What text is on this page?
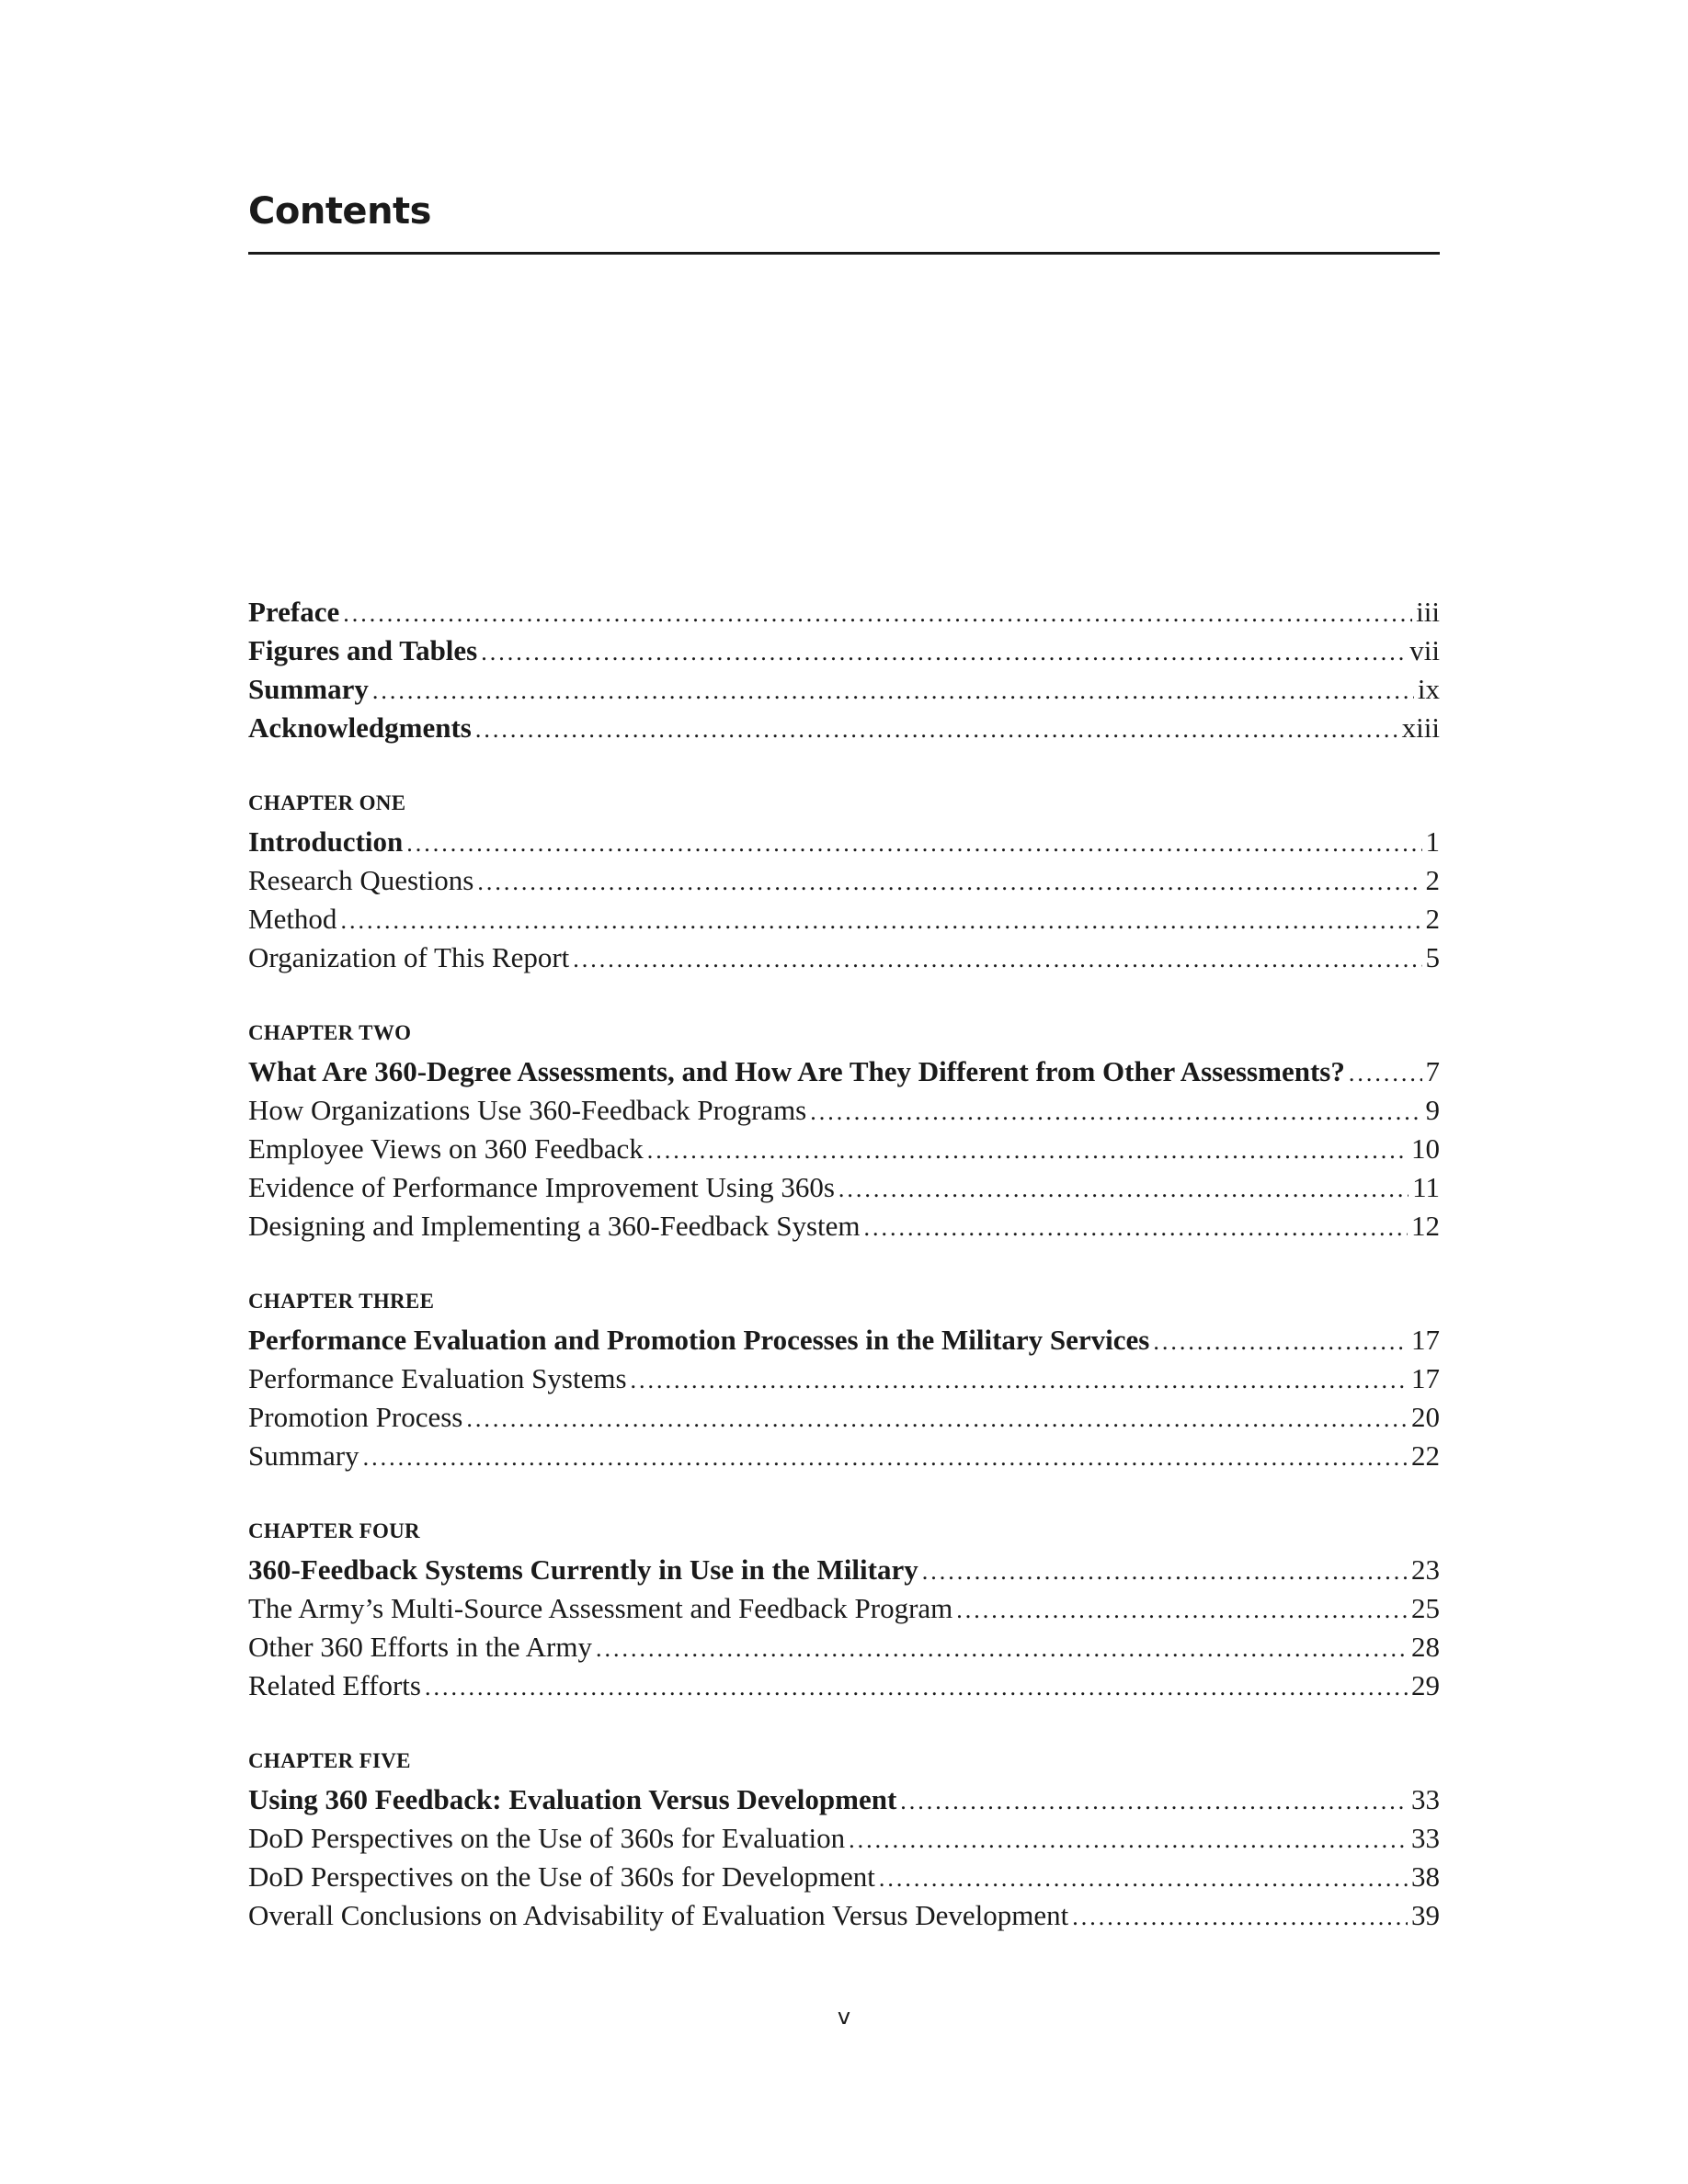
Contents
Preface .....	iii
Figures and Tables .....	vii
Summary .....	ix
Acknowledgments .....	xiii
CHAPTER ONE
Introduction .....	1
Research Questions .....	2
Method .....	2
Organization of This Report .....	5
CHAPTER TWO
What Are 360-Degree Assessments, and How Are They Different from Other Assessments? .....	7
How Organizations Use 360-Feedback Programs .....	9
Employee Views on 360 Feedback .....	10
Evidence of Performance Improvement Using 360s .....	11
Designing and Implementing a 360-Feedback System .....	12
CHAPTER THREE
Performance Evaluation and Promotion Processes in the Military Services .....	17
Performance Evaluation Systems .....	17
Promotion Process .....	20
Summary .....	22
CHAPTER FOUR
360-Feedback Systems Currently in Use in the Military .....	23
The Army’s Multi-Source Assessment and Feedback Program .....	25
Other 360 Efforts in the Army .....	28
Related Efforts .....	29
CHAPTER FIVE
Using 360 Feedback: Evaluation Versus Development .....	33
DoD Perspectives on the Use of 360s for Evaluation .....	33
DoD Perspectives on the Use of 360s for Development .....	38
Overall Conclusions on Advisability of Evaluation Versus Development .....	39
v
